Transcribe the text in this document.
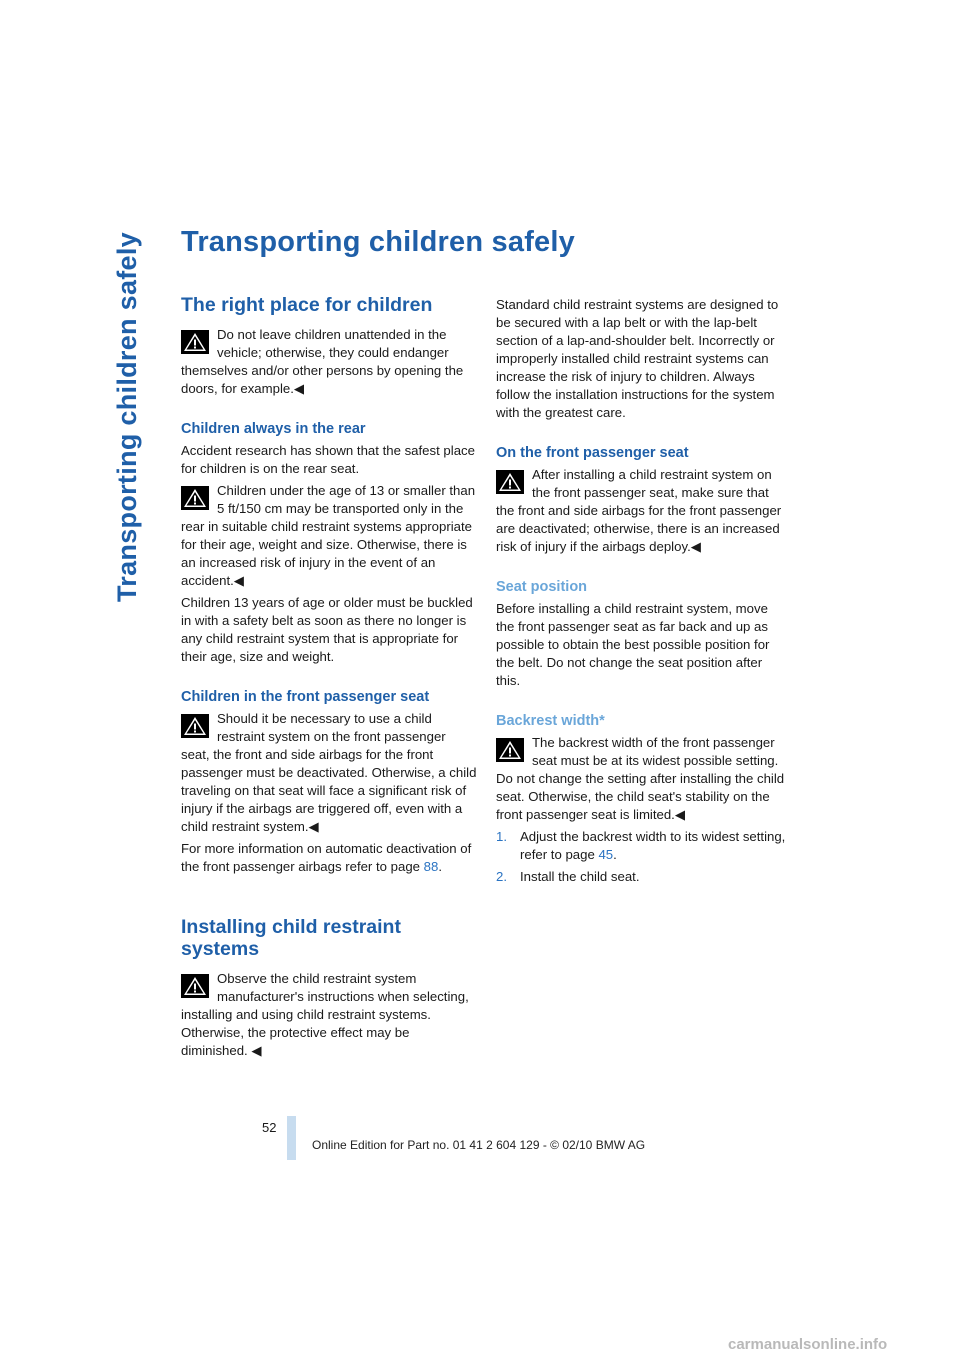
Transporting children safely Transporting children safely
The right place for children
Do not leave children unattended in the vehicle; otherwise, they could endanger themselves and/or other persons by opening the doors, for example.◀
Children always in the rear

Accident research has shown that the safest place for children is on the rear seat.

Children under the age of 13 or smaller than 5 ft/150 cm may be transported only in the rear in suitable child restraint systems appropriate for their age, weight and size. Otherwise, there is an increased risk of injury in the event of an accident.◀

Children 13 years of age or older must be buckled in with a safety belt as soon as there no longer is any child restraint system that is appropriate for their age, size and weight.

Children in the front passenger seat
Should it be necessary to use a child restraint system on the front passenger seat, the front and side airbags for the front passenger must be deactivated. Otherwise, a child traveling on that seat will face a significant risk of injury if the airbags are triggered off, even with a child restraint system.◀

For more information on automatic deactivation of the front passenger airbags refer to page 88.

Installing child restraint systems
Observe the child restraint system manufacturer's instructions when selecting, installing and using child restraint systems. Otherwise, the protective effect may be diminished. ◀

Standard child restraint systems are designed to be secured with a lap belt or with the lap-belt section of a lap-and-shoulder belt. Incorrectly or improperly installed child restraint systems can increase the risk of injury to children. Always follow the installation instructions for the system with the greatest care.

On the front passenger seat
After installing a child restraint system on the front passenger seat, make sure that the front and side airbags for the front passenger are deactivated; otherwise, there is an increased risk of injury if the airbags deploy.◀
Seat position

Before installing a child restraint system, move the front passenger seat as far back and up as possible to obtain the best possible position for the belt. Do not change the seat position after this.

Backrest width*
The backrest width of the front passenger seat must be at its widest possible setting. Do not change the setting after installing the child seat. Otherwise, the child seat's stability on the front passenger seat is limited.◀
1. Adjust the backrest width to its widest setting, refer to page 45.
2. Install the child seat.
52
Online Edition for Part no. 01 41 2 604 129 - © 02/10 BMW AG
carmanualsonline.info
